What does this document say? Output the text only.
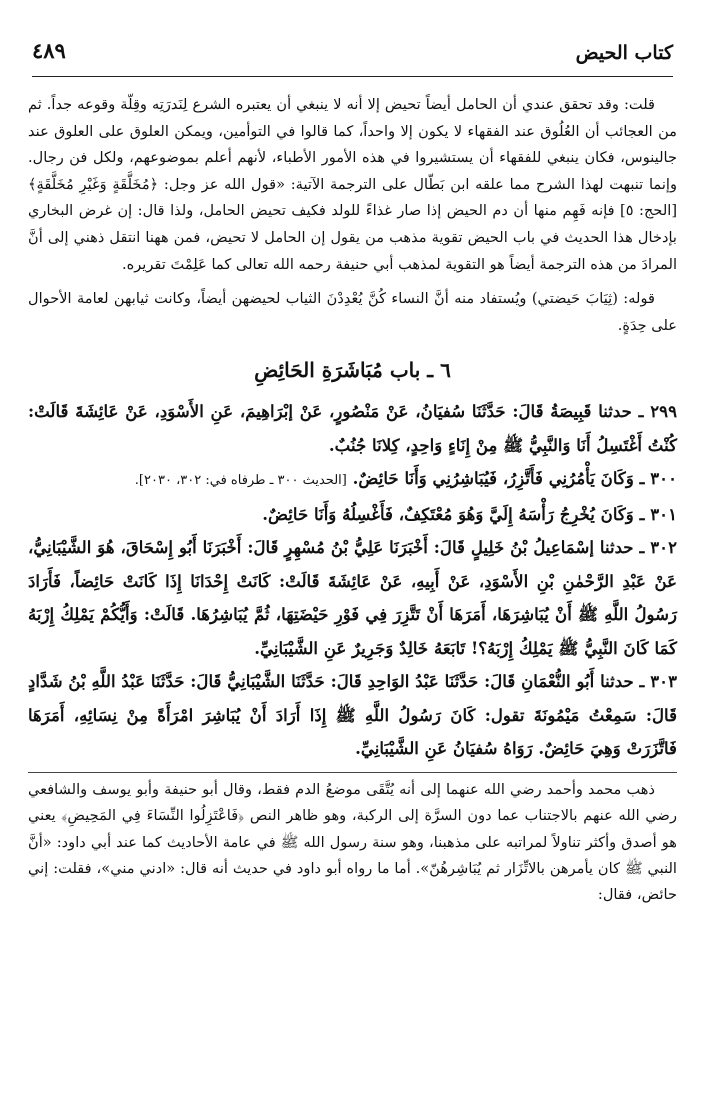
كتاب الحيض
٤٨٩

قلت: وقد تحقق عندي أن الحامل أيضاً تحيض إلا أنه لا ينبغي أن يعتبره الشرع لِنَدرَتِه وقِلّة وقوعه جداً. ثم من العجائب أن العُلُوق عند الفقهاء لا يكون إلا واحداً، كما قالوا في التوأمين، ويمكن العلوق على العلوق عند جالينوس، فكان ينبغي للفقهاء أن يستشيروا في هذه الأمور الأطباء، لأنهم أعلم بموضوعهم، ولكل فن رجال. وإنما تنبهت لهذا الشرح مما علقه ابن بَطّال على الترجمة الآتية: «قول الله عز وجل: ﴿مُخَلَّقَةٍ وَغَيْرِ مُخَلَّقَةٍ﴾ [الحج: ٥] فإنه فَهِم منها أن دم الحيض إذا صار غذاءً للولد فكيف تحيض الحامل، ولذا قال: إن غرض البخاري بإدخال هذا الحديث في باب الحيض تقوية مذهب من يقول إن الحامل لا تحيض، فمن ههنا انتقل ذهني إلى أنَّ المرادَ من هذه الترجمة أيضاً هو التقوية لمذهب أبي حنيفة رحمه الله تعالى كما عَلِمْتَ تقريره.

قوله: (ثِيَابَ حَيضتي) ويُستفاد منه أنَّ النساء كُنَّ يُعْدِدْنَ الثياب لحيضهن أيضاً، وكانت ثيابهن لعامة الأحوال على حِدَةٍ.

٦ ـ باب مُبَاشَرَةِ الحَائِضِ

٢٩٩ ـ حدثنا قَبِيصَةُ قَالَ: حَدَّثَنَا سُفيَانُ، عَنْ مَنْصُورٍ، عَنْ إبْرَاهِيمَ، عَنِ الأَسْوَدِ، عَنْ عَائِشَةَ قَالَتْ: كُنْتُ أَغْتَسِلُ أَنَا وَالنَّبِيُّ ﷺ مِنْ إِنَاءٍ وَاحِدٍ، كِلانَا جُنُبٌ.

٣٠٠ ـ وَكَانَ يَأْمُرُنِي فَأَتَّزِرُ، فَيُبَاشِرُنِي وَأَنَا حَائِضٌ. [الحديث ٣٠٠ ـ طرفاه في: ٣٠٢، ٢٠٣٠].

٣٠١ ـ وَكَانَ يُخْرِجُ رَأْسَهُ إِلَيَّ وَهُوَ مُعْتَكِفٌ، فَأَغْسِلُهُ وَأَنَا حَائِضٌ.

٣٠٢ ـ حدثنا إسْمَاعِيلُ بْنُ خَلِيلٍ قَالَ: أَخْبَرَنَا عَلِيُّ بْنُ مُسْهِرٍ قَالَ: أَخْبَرَنَا أَبُو إِسْحَاقَ، هُوَ الشَّيْبَانِيُّ، عَنْ عَبْدِ الرَّحْمٰنِ بْنِ الأَسْوَدِ، عَنْ أَبِيهِ، عَنْ عَائِشَةَ قَالَتْ: كَانَتْ إِحْدَانَا إِذَا كَانَتْ حَائِضاً، فَأَرَادَ رَسُولُ اللَّهِ ﷺ أَنْ يُبَاشِرَهَا، أَمَرَهَا أَنْ تَتَّزِرَ فِي فَوْرِ حَيْضَتِهَا، ثُمَّ يُبَاشِرُهَا. قَالَتْ: وَأَيُّكُمْ يَمْلِكُ إِرْبَهُ كَمَا كَانَ النَّبِيُّ ﷺ يَمْلِكُ إِرْبَهُ؟! تَابَعَهُ خَالِدٌ وَجَرِيرٌ عَنِ الشَّيْبَانِيِّ.

٣٠٣ ـ حدثنا أَبُو النُّعْمَانِ قَالَ: حَدَّثَنَا عَبْدُ الوَاحِدِ قَالَ: حَدَّثَنَا الشَّيْبَانِيُّ قَالَ: حَدَّثَنَا عَبْدُ اللَّهِ بْنُ شَدَّادٍ قَالَ: سَمِعْتُ مَيْمُونَةَ تقول: كَانَ رَسُولُ اللَّهِ ﷺ إِذَا أَرَادَ أَنْ يُبَاشِرَ امْرَأَةً مِنْ نِسَائِهِ، أَمَرَهَا فَاتَّزَرَتْ وَهِيَ حَائِضٌ. رَوَاهُ سُفيَانُ عَنِ الشَّيْبَانِيِّ.

ذهب محمد وأحمد رضي الله عنهما إلى أنه يُتَّقَى موضعُ الدم فقط، وقال أبو حنيفة وأبو يوسف والشافعي رضي الله عنهم بالاجتناب عما دون السرَّة إلى الركبة، وهو ظاهر النص ﴿فَاعْتَزِلُوا النِّسَاءَ فِي المَحِيضِ﴾ يعني هو أصدق وأكثر تناولاً لمراتبه على مذهبنا، وهو سنة رسول الله ﷺ في عامة الأحاديث كما عند أبي داود: «أنَّ النبي ﷺ كان يأمرهن بالاتِّزَار ثم يُبَاشِرهُنّ». أما ما رواه أبو داود في حديث أنه قال: «ادني مني»، فقلت: إني حائض، فقال:
